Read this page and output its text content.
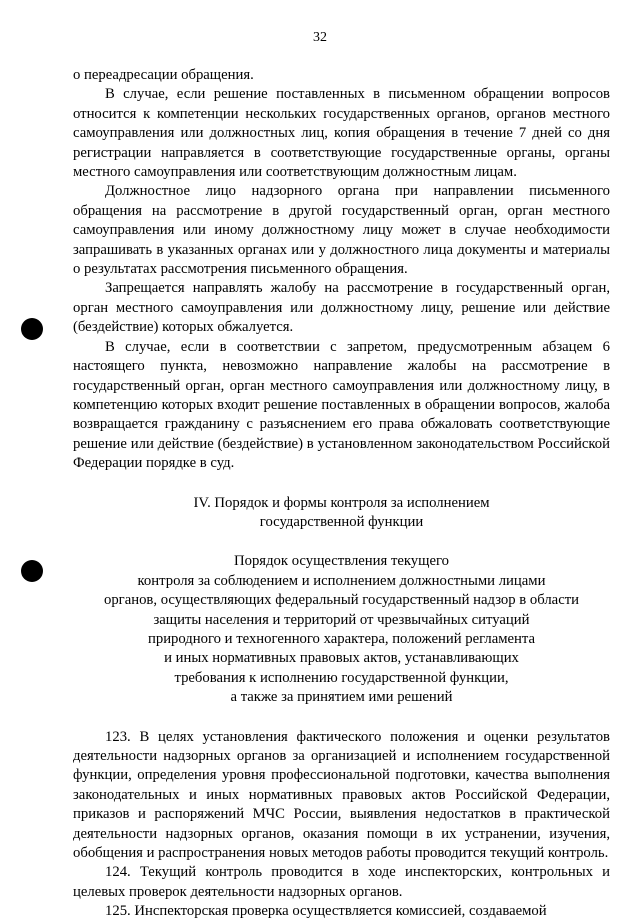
32

о переадресации обращения.

В случае, если решение поставленных в письменном обращении вопросов относится к компетенции нескольких государственных органов, органов местного самоуправления или должностных лиц, копия обращения в течение 7 дней со дня регистрации направляется в соответствующие государственные органы, органы местного самоуправления или соответствующим должностным лицам.

Должностное лицо надзорного органа при направлении письменного обращения на рассмотрение в другой государственный орган, орган местного самоуправления или иному должностному лицу может в случае необходимости запрашивать в указанных органах или у должностного лица документы и материалы о результатах рассмотрения письменного обращения.

Запрещается направлять жалобу на рассмотрение в государственный орган, орган местного самоуправления или должностному лицу, решение или действие (бездействие) которых обжалуется.

В случае, если в соответствии с запретом, предусмотренным абзацем 6 настоящего пункта, невозможно направление жалобы на рассмотрение в государственный орган, орган местного самоуправления или должностному лицу, в компетенцию которых входит решение поставленных в обращении вопросов, жалоба возвращается гражданину с разъяснением его права обжаловать соответствующие решение или действие (бездействие) в установленном законодательством Российской Федерации порядке в суд.

IV. Порядок и формы контроля за исполнением

государственной функции

Порядок осуществления текущего

контроля за соблюдением и исполнением должностными лицами

органов, осуществляющих федеральный государственный надзор в области

защиты населения и территорий от чрезвычайных ситуаций

природного и техногенного характера, положений регламента

и иных нормативных правовых актов, устанавливающих

требования к исполнению государственной функции,

а также за принятием ими решений

123. В целях установления фактического положения и оценки результатов деятельности надзорных органов за организацией и исполнением государственной функции, определения уровня профессиональной подготовки, качества выполнения законодательных и иных нормативных правовых актов Российской Федерации, приказов и распоряжений МЧС России, выявления недостатков в практической деятельности надзорных органов, оказания помощи в их устранении, изучения, обобщения и распространения новых методов работы проводится текущий контроль.

124. Текущий контроль проводится в ходе инспекторских, контрольных и целевых проверок деятельности надзорных органов.

125. Инспекторская проверка осуществляется комиссией, создаваемой
